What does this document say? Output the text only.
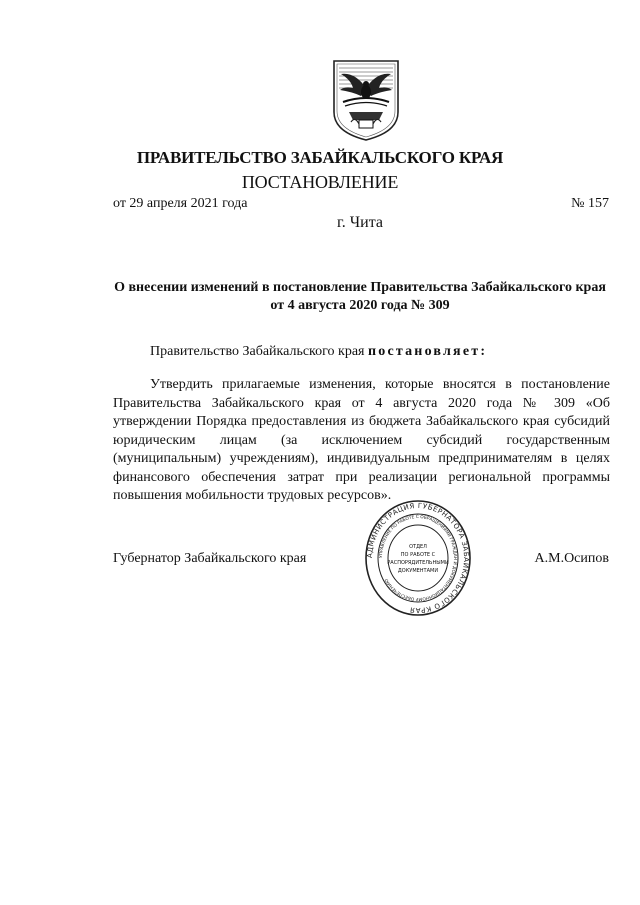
ПРАВИТЕЛЬСТВО ЗАБАЙКАЛЬСКОГО КРАЯ
ПОСТАНОВЛЕНИЕ
от 29 апреля 2021 года	№ 157
г. Чита
О внесении изменений в постановление Правительства Забайкальского края от 4 августа 2020 года № 309
Правительство Забайкальского края постановляет:
Утвердить прилагаемые изменения, которые вносятся в постановление Правительства Забайкальского края от 4 августа 2020 года № 309 «Об утверждении Порядка предоставления из бюджета Забайкальского края субсидий юридическим лицам (за исключением субсидий государственным (муниципальным) учреждениям), индивидуальным предпринимателям в целях финансового обеспечения затрат при реализации региональной программы повышения мобильности трудовых ресурсов».
Губернатор Забайкальского края	А.М.Осипов
АДМИНИСТРАЦИЯ ГУБЕРНАТОРА ЗАБАЙКАЛЬСКОГО КРАЯ
УПРАВЛЕНИЕ ПО РАБОТЕ С ОБРАЩЕНИЯМИ ГРАЖДАН И ДОКУМЕНТАЦИОННОМУ ОБЕСПЕЧЕНИЮ
ОТДЕЛ
ПО РАБОТЕ С
РАСПОРЯДИТЕЛЬНЫМИ
ДОКУМЕНТАМИ
